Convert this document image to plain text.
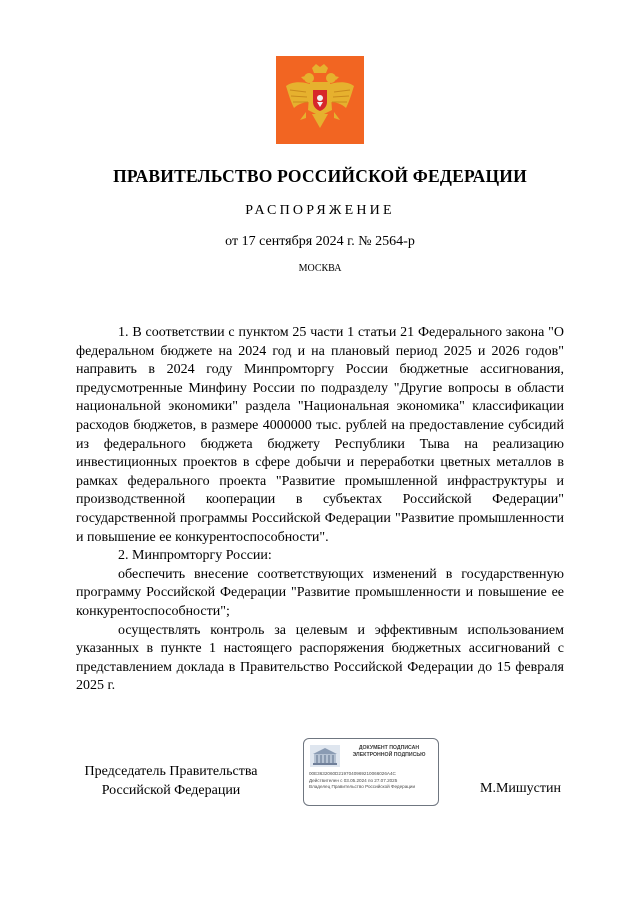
ПРАВИТЕЛЬСТВО РОССИЙСКОЙ ФЕДЕРАЦИИ
РАСПОРЯЖЕНИЕ
от 17 сентября 2024 г. № 2564-р
МОСКВА

1. В соответствии с пунктом 25 части 1 статьи 21 Федерального закона "О федеральном бюджете на 2024 год и на плановый период 2025 и 2026 годов" направить в 2024 году Минпромторгу России бюджетные ассигнования, предусмотренные Минфину России по подразделу "Другие вопросы в области национальной экономики" раздела "Национальная экономика" классификации расходов бюджетов, в размере 4000000 тыс. рублей на предоставление субсидий из федерального бюджета бюджету Республики Тыва на реализацию инвестиционных проектов в сфере добычи и переработки цветных металлов в рамках федерального проекта "Развитие промышленной инфраструктуры и производственной кооперации в субъектах Российской Федерации" государственной программы Российской Федерации "Развитие промышленности и повышение ее конкурентоспособности".

2. Минпромторгу России:

обеспечить внесение соответствующих изменений в государственную программу Российской Федерации "Развитие промышленности и повышение ее конкурентоспособности";

осуществлять контроль за целевым и эффективным использованием указанных в пункте 1 настоящего распоряжения бюджетных ассигнований с представлением доклада в Правительство Российской Федерации до 15 февраля 2025 г.

Председатель Правительства
Российской Федерации
ДОКУМЕНТ ПОДПИСАН
ЭЛЕКТРОННОЙ ПОДПИСЬЮ
00E3632060D2197040969210066026A4C
Действителен с 03.05.2024 по 27.07.2025
Владелец Правительство Российской Федерации	М.Мишустин
